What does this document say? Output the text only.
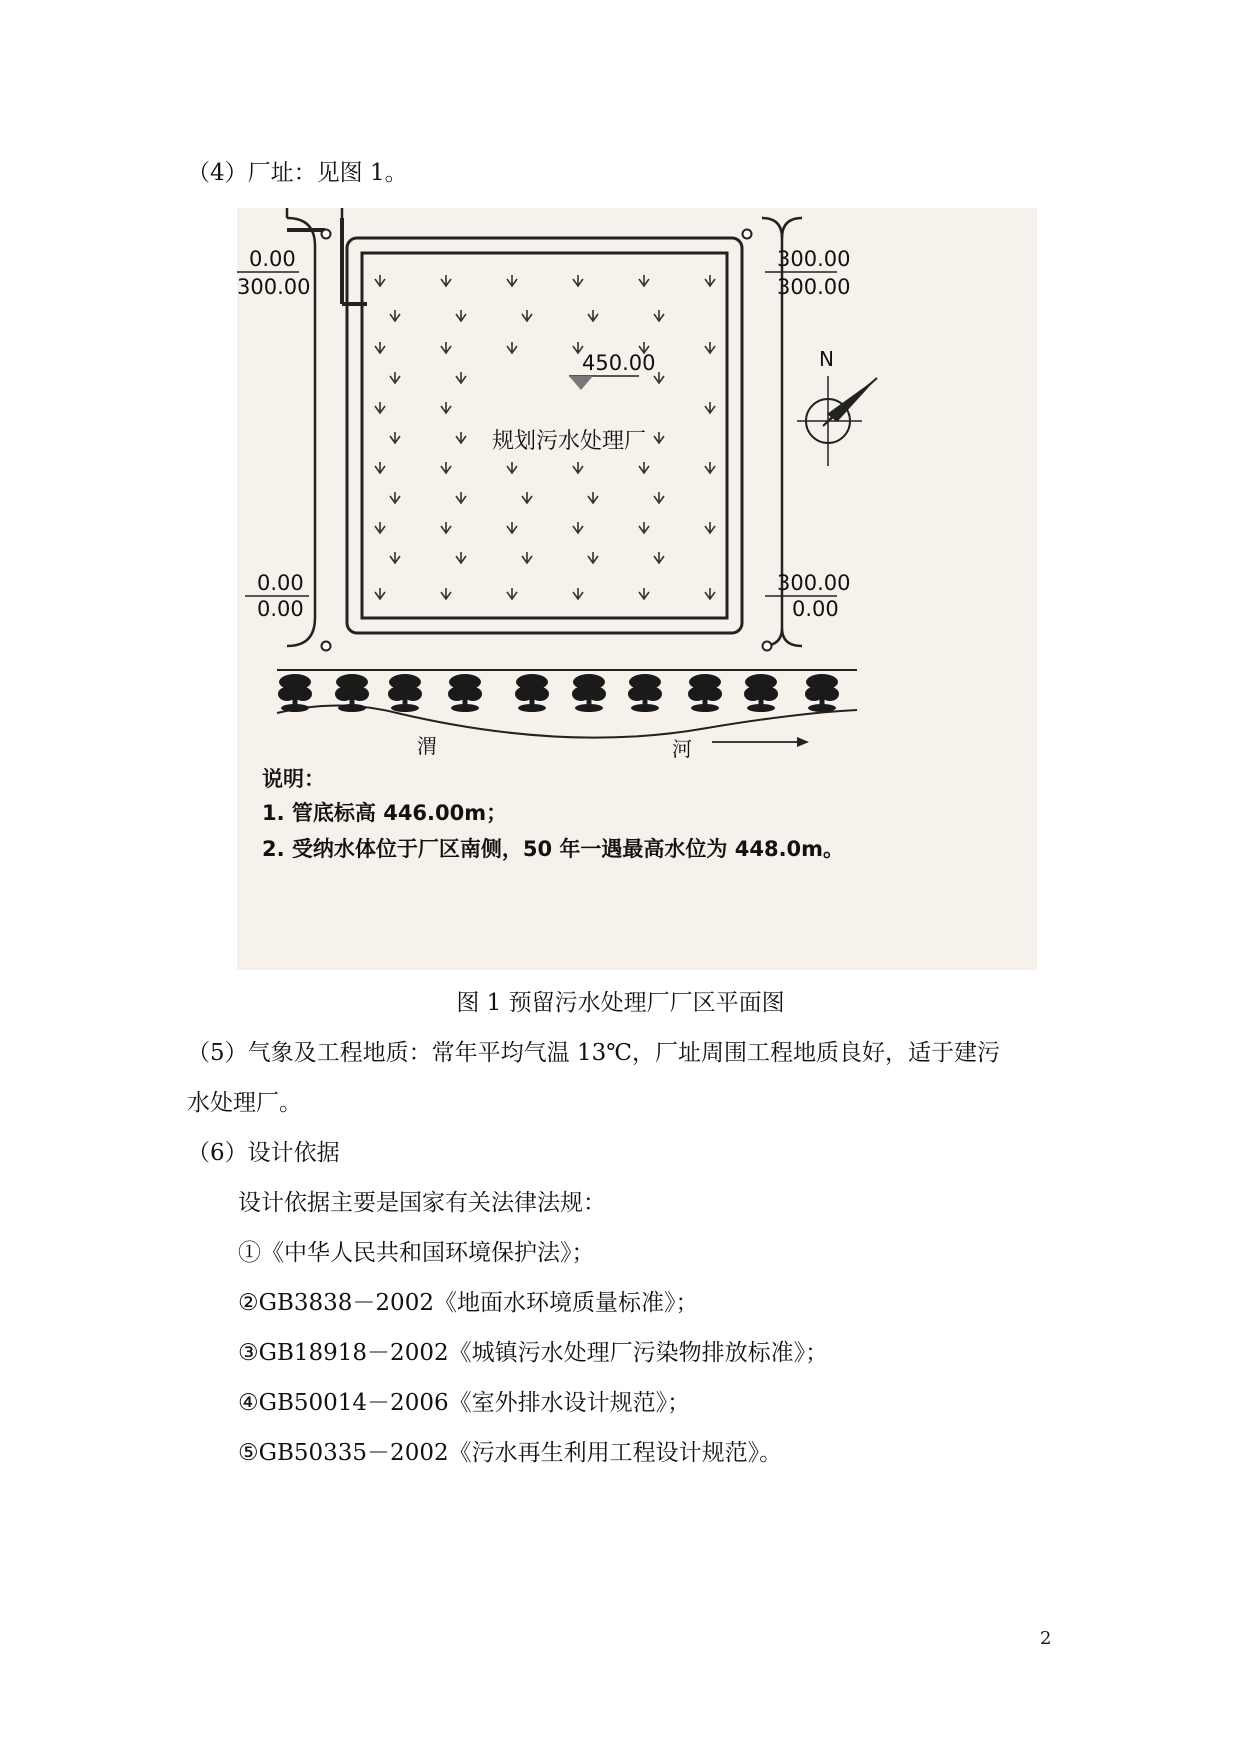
（4）厂址：见图 1。
0.00
300.00
300.00
300.00
0.00
0.00
300.00
0.00
450.00
规划污水处理厂
N
渭	河
说明：
1. 管底标高 446.00m；
2. 受纳水体位于厂区南侧，50 年一遇最高水位为 448.0m。
图 1 预留污水处理厂厂区平面图
（5）气象及工程地质：常年平均气温 13℃，厂址周围工程地质良好，适于建污
水处理厂。
（6）设计依据
设计依据主要是国家有关法律法规：
①《中华人民共和国环境保护法》；
②GB3838－2002《地面水环境质量标准》；
③GB18918－2002《城镇污水处理厂污染物排放标准》；
④GB50014－2006《室外排水设计规范》；
⑤GB50335－2002《污水再生利用工程设计规范》。
2
